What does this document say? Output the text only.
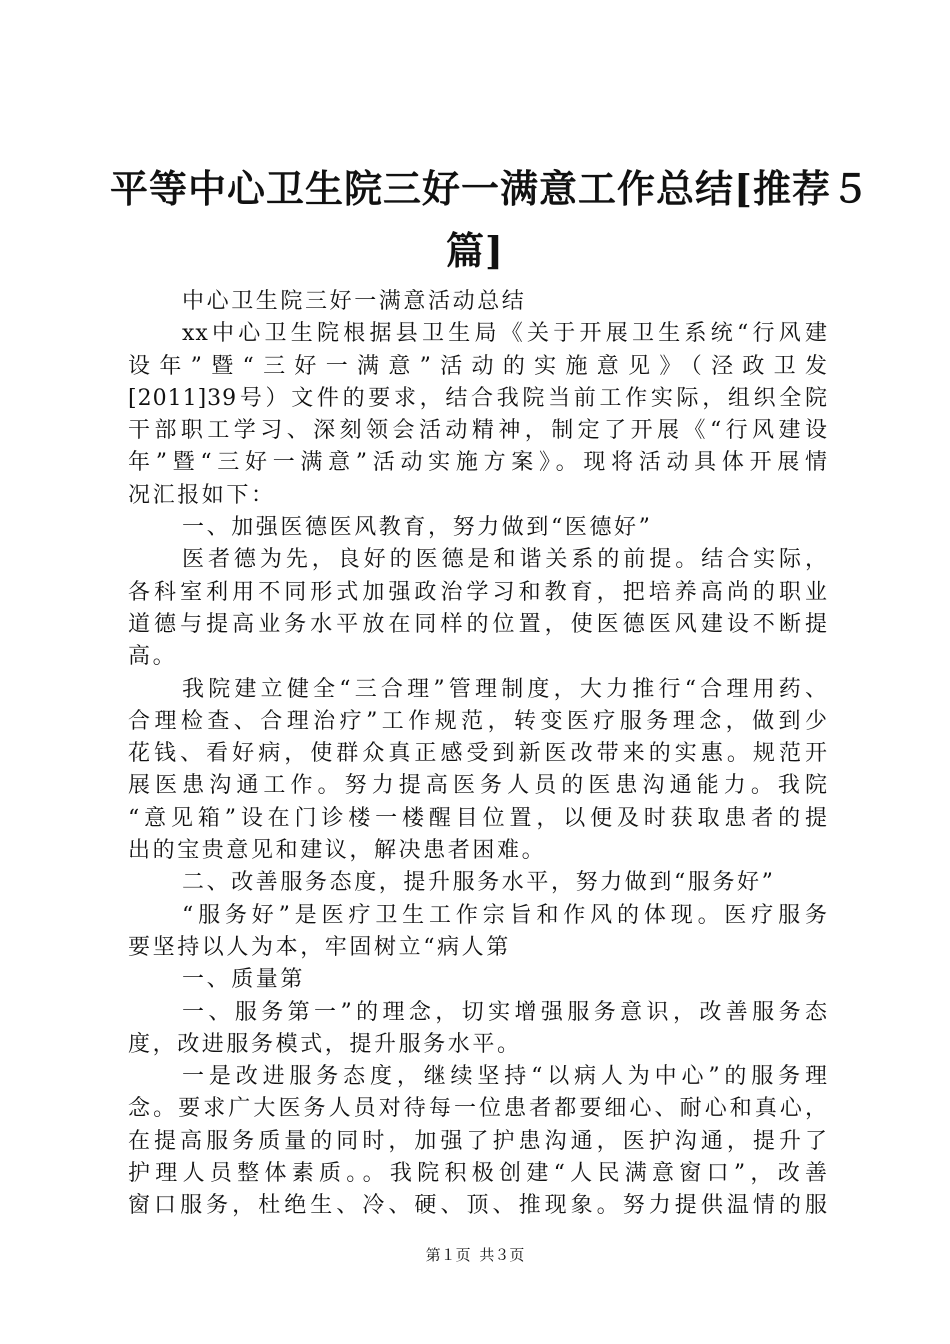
平等中心卫生院三好一满意工作总结[推荐５
篇]
中心卫生院三好一满意活动总结
xx中心卫生院根据县卫生局《关于开展卫生系统“行风建
设年”暨“三好一满意”活动的实施意见》（泾政卫发
[2011]39号）文件的要求，结合我院当前工作实际，组织全院
干部职工学习、深刻领会活动精神，制定了开展《“行风建设
年”暨“三好一满意”活动实施方案》。现将活动具体开展情
况汇报如下：
一、加强医德医风教育，努力做到“医德好”
医者德为先，良好的医德是和谐关系的前提。结合实际，
各科室利用不同形式加强政治学习和教育，把培养高尚的职业
道德与提高业务水平放在同样的位置，使医德医风建设不断提
高。
我院建立健全“三合理”管理制度，大力推行“合理用药、
合理检查、合理治疗”工作规范，转变医疗服务理念，做到少
花钱、看好病，使群众真正感受到新医改带来的实惠。规范开
展医患沟通工作。努力提高医务人员的医患沟通能力。我院
“意见箱”设在门诊楼一楼醒目位置，以便及时获取患者的提
出的宝贵意见和建议，解决患者困难。
二、改善服务态度，提升服务水平，努力做到“服务好”
“服务好”是医疗卫生工作宗旨和作风的体现。医疗服务
要坚持以人为本，牢固树立“病人第
一、质量第
一、服务第一”的理念，切实增强服务意识，改善服务态
度，改进服务模式，提升服务水平。
一是改进服务态度，继续坚持“以病人为中心”的服务理
念。要求广大医务人员对待每一位患者都要细心、耐心和真心，
在提高服务质量的同时，加强了护患沟通，医护沟通，提升了
护理人员整体素质。。我院积极创建“人民满意窗口”，改善
窗口服务，杜绝生、冷、硬、顶、推现象。努力提供温情的服
第１页 共３页
